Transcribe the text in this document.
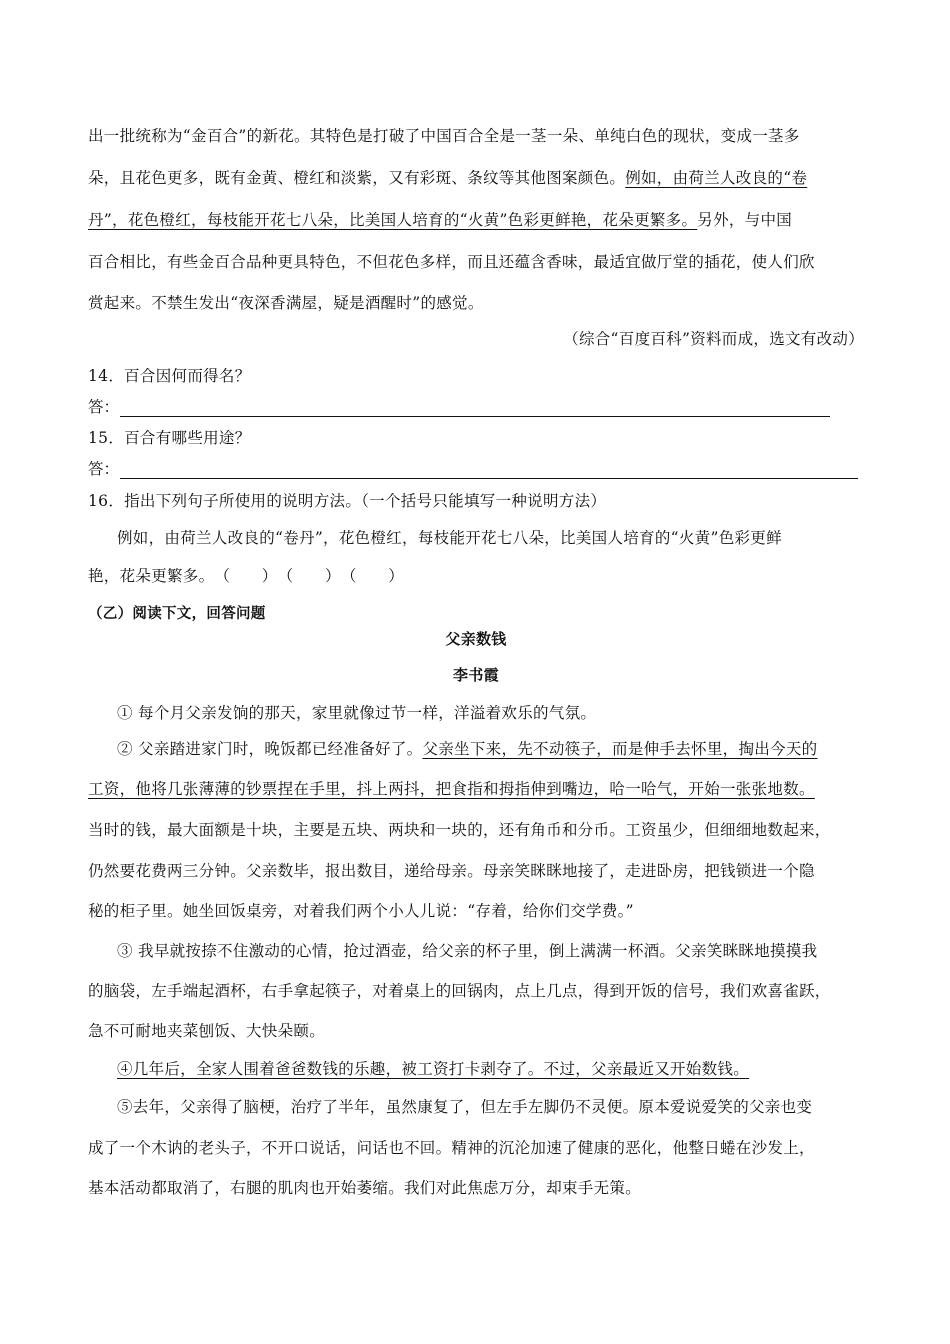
出一批统称为“金百合”的新花。其特色是打破了中国百合全是一茎一朵、单纯白色的现状，变成一茎多
朵，且花色更多，既有金黄、橙红和淡紫，又有彩斑、条纹等其他图案颜色。例如，由荷兰人改良的“卷
丹”，花色橙红，每枝能开花七八朵，比美国人培育的“火黄”色彩更鲜艳，花朵更繁多。另外，与中国
百合相比，有些金百合品种更具特色，不但花色多样，而且还蕴含香味，最适宜做厅堂的插花，使人们欣
赏起来。不禁生发出“夜深香满屋，疑是酒醒时”的感觉。
（综合“百度百科”资料而成，选文有改动）
14．百合因何而得名？
答：
15．百合有哪些用途？
答：
16．指出下列句子所使用的说明方法。（一个括号只能填写一种说明方法）
例如，由荷兰人改良的“卷丹”，花色橙红，每枝能开花七八朵，比美国人培育的“火黄”色彩更鲜
艳，花朵更繁多。（　　）（　　）（　　）
（乙）阅读下文，回答问题
父亲数钱
李书霞
① 每个月父亲发饷的那天，家里就像过节一样，洋溢着欢乐的气氛。
② 父亲踏进家门时，晚饭都已经准备好了。父亲坐下来，先不动筷子，而是伸手去怀里，掏出今天的
工资，他将几张薄薄的钞票捏在手里，抖上两抖，把食指和拇指伸到嘴边，哈一哈气，开始一张张地数。
当时的钱，最大面额是十块，主要是五块、两块和一块的，还有角币和分币。工资虽少，但细细地数起来，
仍然要花费两三分钟。父亲数毕，报出数目，递给母亲。母亲笑眯眯地接了，走进卧房，把钱锁进一个隐
秘的柜子里。她坐回饭桌旁，对着我们两个小人儿说：“存着，给你们交学费。”
③ 我早就按捺不住激动的心情，抢过酒壶，给父亲的杯子里，倒上满满一杯酒。父亲笑眯眯地摸摸我
的脑袋，左手端起酒杯，右手拿起筷子，对着桌上的回锅肉，点上几点，得到开饭的信号，我们欢喜雀跃，
急不可耐地夹菜刨饭、大快朵颐。
④几年后，全家人围着爸爸数钱的乐趣，被工资打卡剥夺了。不过，父亲最近又开始数钱。
⑤去年，父亲得了脑梗，治疗了半年，虽然康复了，但左手左脚仍不灵便。原本爱说爱笑的父亲也变
成了一个木讷的老头子，不开口说话，问话也不回。精神的沉沦加速了健康的恶化，他整日蜷在沙发上，
基本活动都取消了，右腿的肌肉也开始萎缩。我们对此焦虑万分，却束手无策。
